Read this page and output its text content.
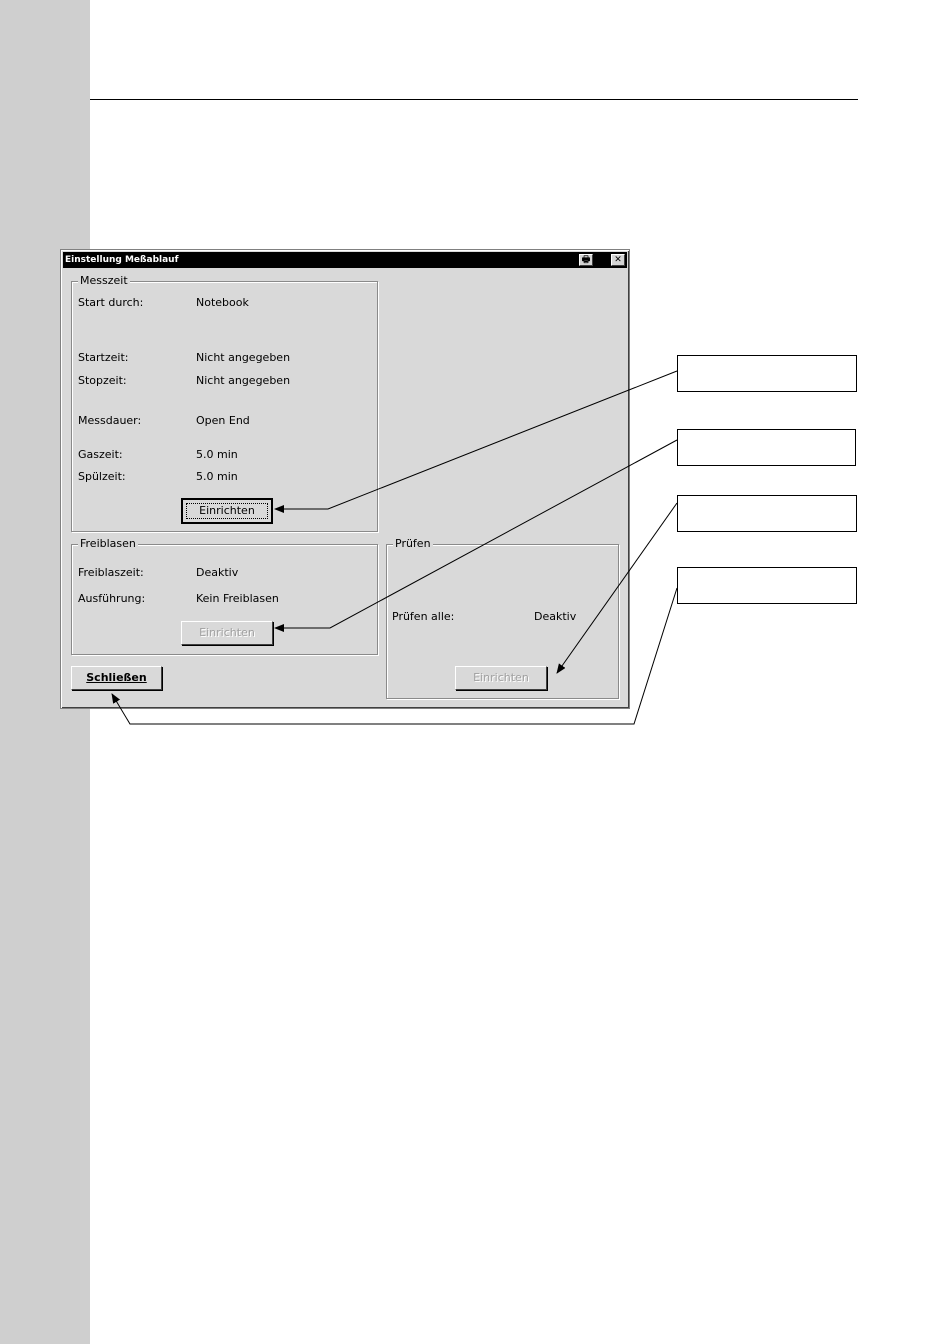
Einstellung Meßablauf	🖶	✕
Messzeit
Start durch:	Notebook
Startzeit:	Nicht angegeben
Stopzeit:	Nicht angegeben
Messdauer:	Open End
Gaszeit:	5.0 min
Spülzeit:	5.0 min
Einrichten
Freiblasen
Freiblaszeit:	Deaktiv
Ausführung:	Kein Freiblasen
Einrichten
Prüfen
Prüfen alle:	Deaktiv
Einrichten
Schließen
